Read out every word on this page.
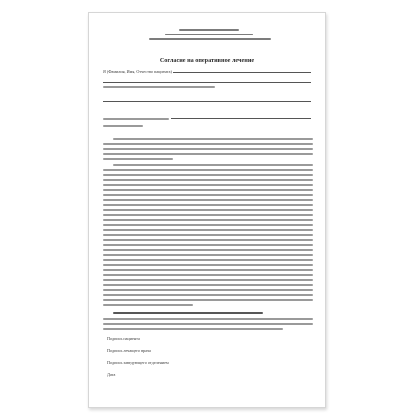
Согласие на оперативное лечение
Я (Фамилия, Имя, Отчество пациента)
Подпись пациента
Подпись лечащего врача
Подпись заведующего отделением
Дата
